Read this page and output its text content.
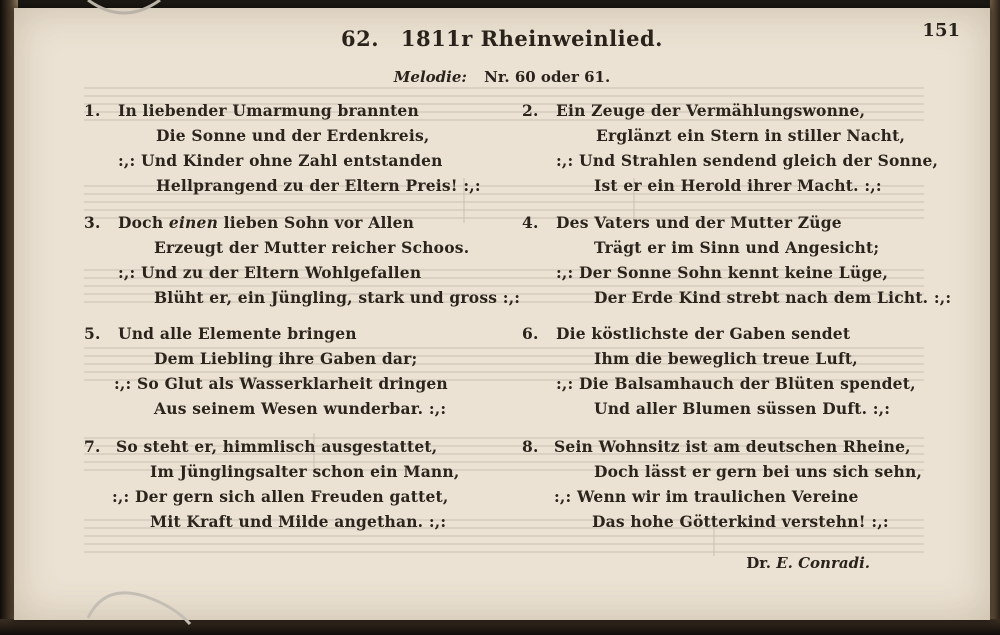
62. 1811r Rheinweinlied.	151
Melodie: Nr. 60 oder 61.
1. In liebender Umarmung brannten
Die Sonne und der Erdenkreis,
:,: Und Kinder ohne Zahl entstanden
Hellprangend zu der Eltern Preis! :,:
2. Ein Zeuge der Vermählungswonne,
Erglänzt ein Stern in stiller Nacht,
:,: Und Strahlen sendend gleich der Sonne,
Ist er ein Herold ihrer Macht. :,:
3. Doch einen lieben Sohn vor Allen
Erzeugt der Mutter reicher Schoos.
:,: Und zu der Eltern Wohlgefallen
Blüht er, ein Jüngling, stark und gross :,:
4. Des Vaters und der Mutter Züge
Trägt er im Sinn und Angesicht;
:,: Der Sonne Sohn kennt keine Lüge,
Der Erde Kind strebt nach dem Licht. :,:
5. Und alle Elemente bringen
Dem Liebling ihre Gaben dar;
:,: So Glut als Wasserklarheit dringen
Aus seinem Wesen wunderbar. :,:
6. Die köstlichste der Gaben sendet
Ihm die beweglich treue Luft,
:,: Die Balsamhauch der Blüten spendet,
Und aller Blumen süssen Duft. :,:
7. So steht er, himmlisch ausgestattet,
Im Jünglingsalter schon ein Mann,
:,: Der gern sich allen Freuden gattet,
Mit Kraft und Milde angethan. :,:
8. Sein Wohnsitz ist am deutschen Rheine,
Doch lässt er gern bei uns sich sehn,
:,: Wenn wir im traulichen Vereine
Das hohe Götterkind verstehn! :,:
Dr. E. Conradi.
